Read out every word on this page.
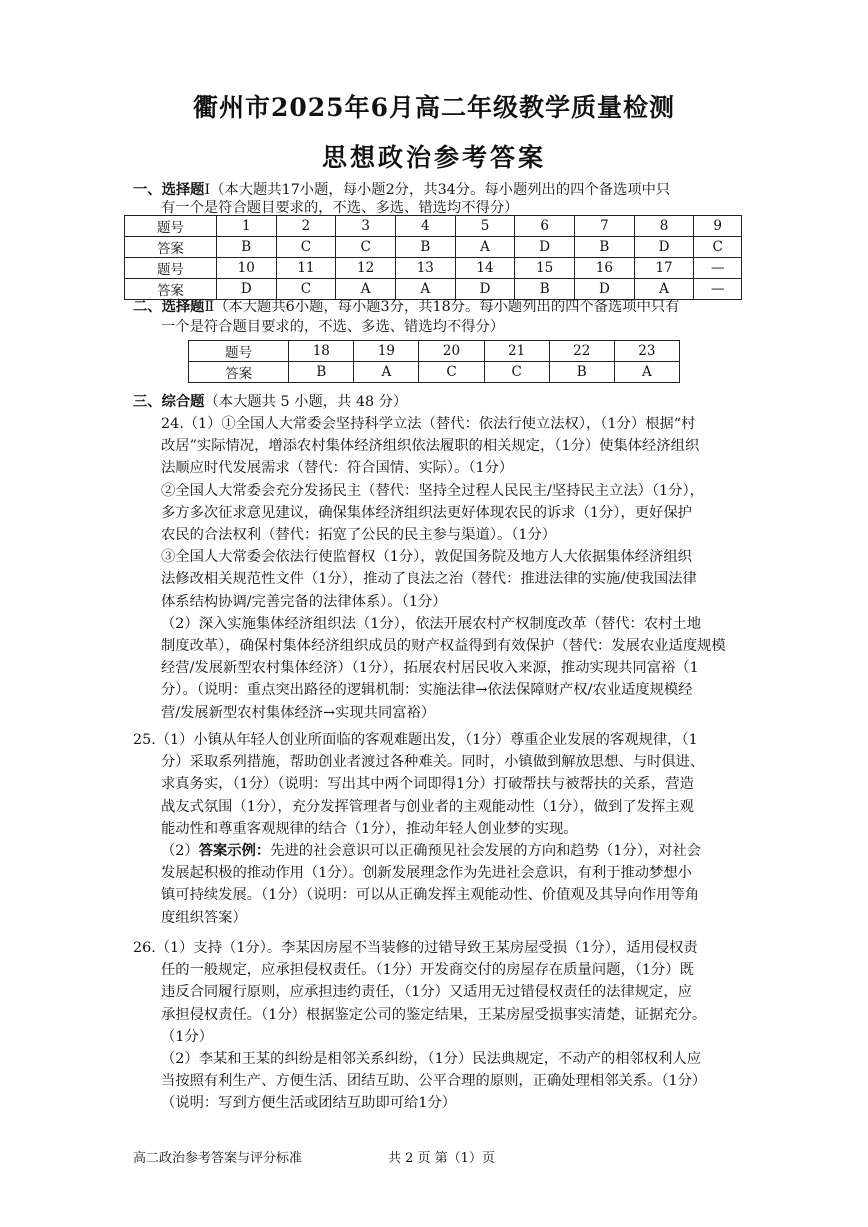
衢州市2025年6月高二年级教学质量检测
思想政治参考答案
一、选择题Ⅰ（本大题共17小题，每小题2分，共34分。每小题列出的四个备选项中只
有一个是符合题目要求的，不选、多选、错选均不得分）
题号	1	2	3	4	5	6	7	8	9
答案	B	C	C	B	A	D	B	D	C
题号	10	11	12	13	14	15	16	17	—
答案	D	C	A	A	D	B	D	A	—
二、选择题Ⅱ（本大题共6小题，每小题3分，共18分。每小题列出的四个备选项中只有
一个是符合题目要求的，不选、多选、错选均不得分）
题号	18	19	20	21	22	23
答案	B	A	C	C	B	A
三、综合题（本大题共 5 小题，共 48 分）
24.（1）①全国人大常委会坚持科学立法（替代：依法行使立法权），（1分）根据“村
改居”实际情况，增添农村集体经济组织依法履职的相关规定，（1分）使集体经济组织
法顺应时代发展需求（替代：符合国情、实际）。（1分）
②全国人大常委会充分发扬民主（替代：坚持全过程人民民主/坚持民主立法）（1分），
多方多次征求意见建议，确保集体经济组织法更好体现农民的诉求（1分），更好保护
农民的合法权利（替代：拓宽了公民的民主参与渠道）。（1分）
③全国人大常委会依法行使监督权（1分），敦促国务院及地方人大依据集体经济组织
法修改相关规范性文件（1分），推动了良法之治（替代：推进法律的实施/使我国法律
体系结构协调/完善完备的法律体系）。（1分）
（2）深入实施集体经济组织法（1分），依法开展农村产权制度改革（替代：农村土地
制度改革），确保村集体经济组织成员的财产权益得到有效保护（替代：发展农业适度规模
经营/发展新型农村集体经济）（1分），拓展农村居民收入来源，推动实现共同富裕（1
分）。（说明：重点突出路径的逻辑机制：实施法律→依法保障财产权/农业适度规模经
营/发展新型农村集体经济→实现共同富裕）
25.（1）小镇从年轻人创业所面临的客观难题出发，（1分）尊重企业发展的客观规律，（1
分）采取系列措施，帮助创业者渡过各种难关。同时，小镇做到解放思想、与时俱进、
求真务实，（1分）（说明：写出其中两个词即得1分）打破帮扶与被帮扶的关系，营造
战友式氛围（1分），充分发挥管理者与创业者的主观能动性（1分），做到了发挥主观
能动性和尊重客观规律的结合（1分），推动年轻人创业梦的实现。
（2）答案示例：先进的社会意识可以正确预见社会发展的方向和趋势（1分），对社会
发展起积极的推动作用（1分）。创新发展理念作为先进社会意识，有利于推动梦想小
镇可持续发展。（1分）（说明：可以从正确发挥主观能动性、价值观及其导向作用等角
度组织答案）
26.（1）支持（1分）。李某因房屋不当装修的过错导致王某房屋受损（1分），适用侵权责
任的一般规定，应承担侵权责任。（1分）开发商交付的房屋存在质量问题，（1分）既
违反合同履行原则，应承担违约责任，（1分）又适用无过错侵权责任的法律规定，应
承担侵权责任。（1分）根据鉴定公司的鉴定结果，王某房屋受损事实清楚，证据充分。
（1分）
（2）李某和王某的纠纷是相邻关系纠纷，（1分）民法典规定，不动产的相邻权利人应
当按照有利生产、方便生活、团结互助、公平合理的原则，正确处理相邻关系。（1分）
（说明：写到方便生活或团结互助即可给1分）
高二政治参考答案与评分标准	共 2 页 第（1）页
